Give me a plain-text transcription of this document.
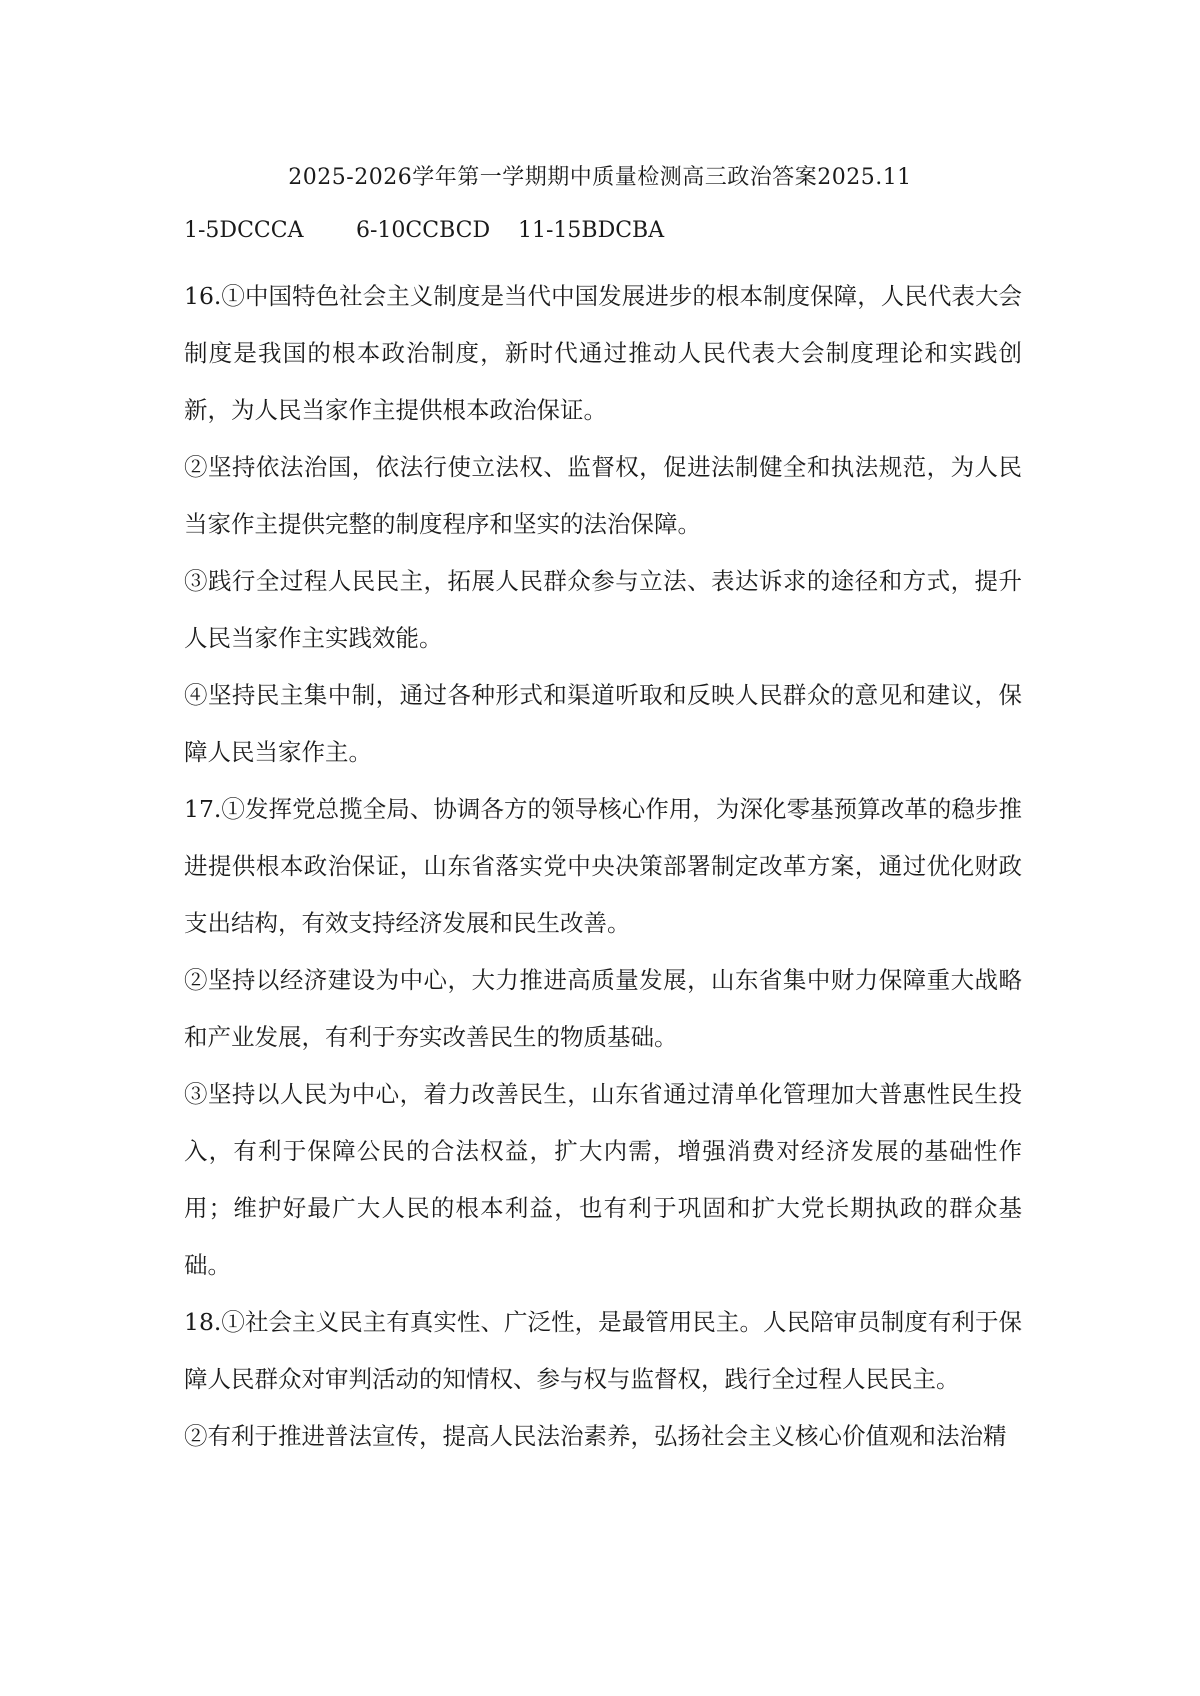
2025-2026学年第一学期期中质量检测高三政治答案2025.11
1-5DCCCA	6-10CCBCD	11-15BDCBA

16.①中国特色社会主义制度是当代中国发展进步的根本制度保障，人民代表大会制度是我国的根本政治制度，新时代通过推动人民代表大会制度理论和实践创新，为人民当家作主提供根本政治保证。

②坚持依法治国，依法行使立法权、监督权，促进法制健全和执法规范，为人民当家作主提供完整的制度程序和坚实的法治保障。

③践行全过程人民民主，拓展人民群众参与立法、表达诉求的途径和方式，提升人民当家作主实践效能。

④坚持民主集中制，通过各种形式和渠道听取和反映人民群众的意见和建议，保障人民当家作主。

17.①发挥党总揽全局、协调各方的领导核心作用，为深化零基预算改革的稳步推进提供根本政治保证，山东省落实党中央决策部署制定改革方案，通过优化财政支出结构，有效支持经济发展和民生改善。

②坚持以经济建设为中心，大力推进高质量发展，山东省集中财力保障重大战略和产业发展，有利于夯实改善民生的物质基础。

③坚持以人民为中心，着力改善民生，山东省通过清单化管理加大普惠性民生投入，有利于保障公民的合法权益，扩大内需，增强消费对经济发展的基础性作用；维护好最广大人民的根本利益，也有利于巩固和扩大党长期执政的群众基础。

18.①社会主义民主有真实性、广泛性，是最管用民主。人民陪审员制度有利于保障人民群众对审判活动的知情权、参与权与监督权，践行全过程人民民主。

②有利于推进普法宣传，提高人民法治素养，弘扬社会主义核心价值观和法治精
